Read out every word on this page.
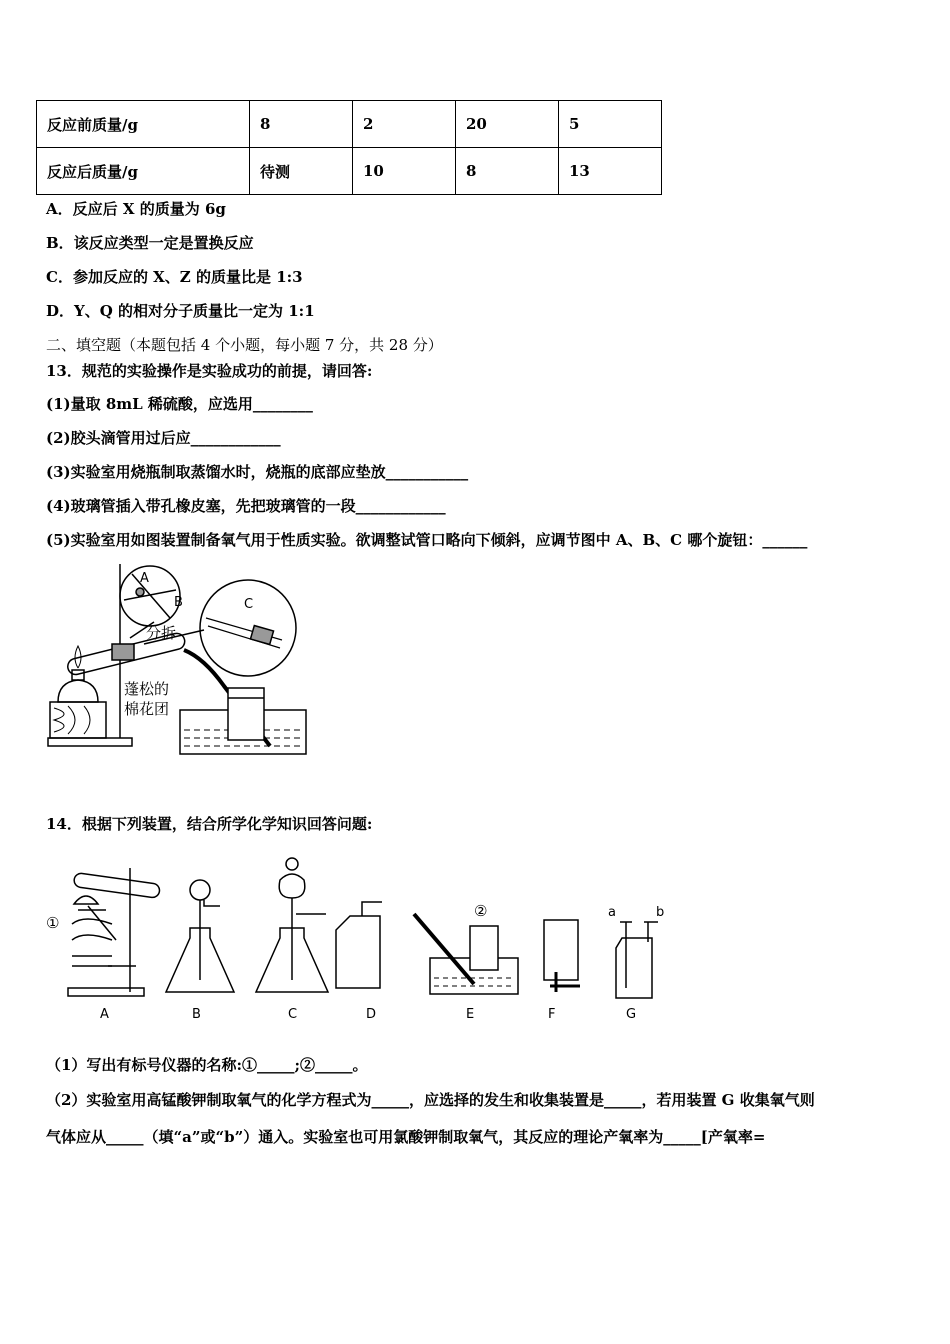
反应前质量/g	8	2	20	5
反应后质量/g	待测	10	8	13
A．反应后 X 的质量为 6g
B．该反应类型一定是置换反应
C．参加反应的 X、Z 的质量比是 1:3
D．Y、Q 的相对分子质量比一定为 1:1
二、填空题（本题包括 4 个小题，每小题 7 分，共 28 分）
13．规范的实验操作是实验成功的前提，请回答:
(1)量取 8mL 稀硫酸，应选用________
(2)胶头滴管用过后应____________
(3)实验室用烧瓶制取蒸馏水时，烧瓶的底部应垫放___________
(4)玻璃管插入带孔橡皮塞，先把玻璃管的一段____________
(5)实验室用如图装置制备氧气用于性质实验。欲调整试管口略向下倾斜，应调节图中 A、B、C 哪个旋钮：______
A
B	C
分拆
蓬松的
棉花团
14．根据下列装置，结合所学化学知识回答问题:
①
②	a	b
A	B	C	D	E	F	G
（1）写出有标号仪器的名称:①_____;②_____。
（2）实验室用高锰酸钾制取氧气的化学方程式为_____，应选择的发生和收集装置是_____，若用装置 G 收集氧气则
气体应从_____（填“a”或“b”）通入。实验室也可用氯酸钾制取氧气，其反应的理论产氧率为_____[产氧率=
